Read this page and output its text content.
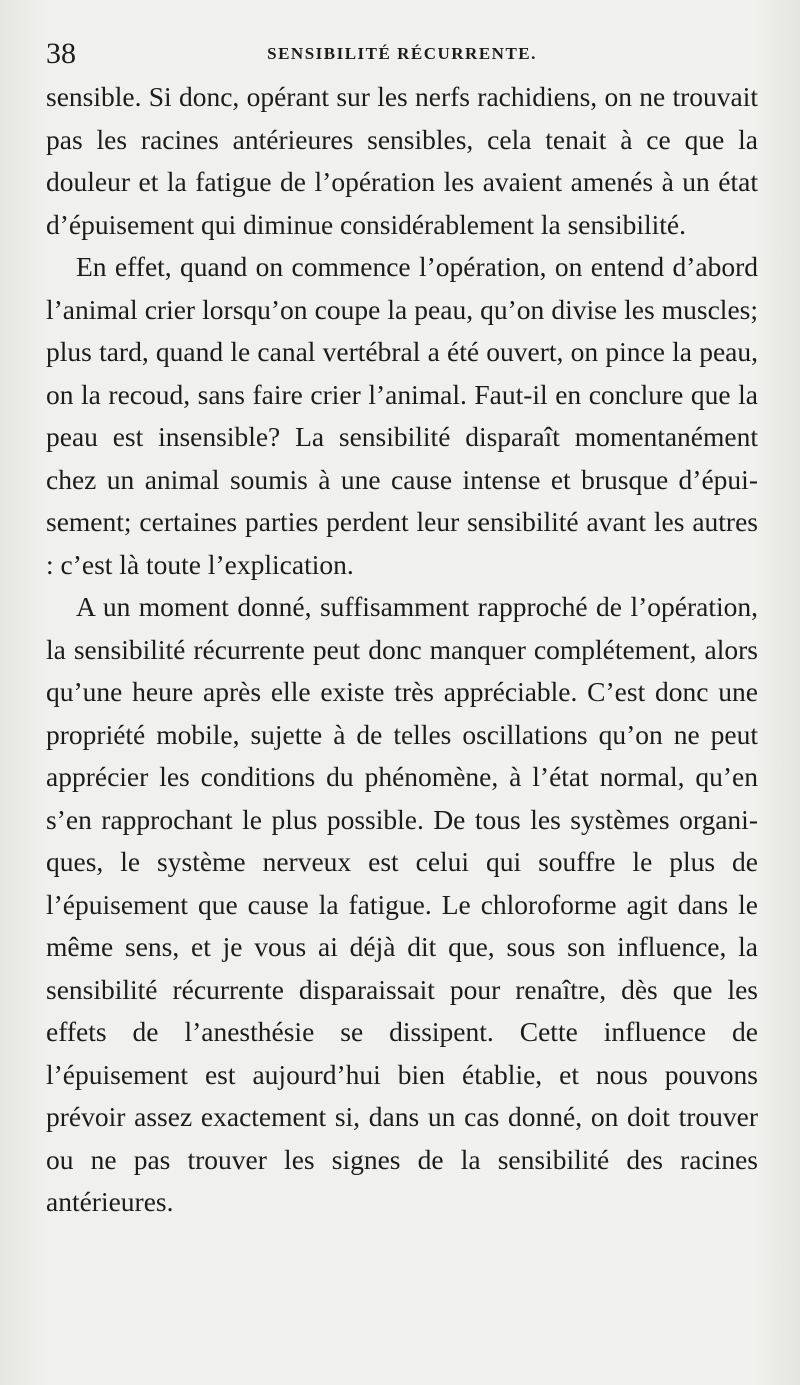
38	SENSIBILITÉ RÉCURRENTE.

sensible. Si donc, opérant sur les nerfs rachidiens, on ne trouvait pas les racines antérieures sensibles, cela tenait à ce que la douleur et la fatigue de l’opération les avaient amenés à un état d’épuisement qui diminue considérablement la sensibilité.

En effet, quand on commence l’opération, on entend d’abord l’animal crier lorsqu’on coupe la peau, qu’on divise les muscles; plus tard, quand le canal vertébral a été ouvert, on pince la peau, on la recoud, sans faire crier l’animal. Faut-il en conclure que la peau est insensible? La sensibilité disparaît momentanément chez un animal soumis à une cause intense et brusque d’épuisement; certaines parties perdent leur sensibilité avant les autres : c’est là toute l’explication.

A un moment donné, suffisamment rapproché de l’opération, la sensibilité récurrente peut donc manquer complétement, alors qu’une heure après elle existe très appréciable. C’est donc une propriété mobile, sujette à de telles oscillations qu’on ne peut apprécier les conditions du phénomène, à l’état normal, qu’en s’en rapprochant le plus possible. De tous les systèmes organiques, le système nerveux est celui qui souffre le plus de l’épuisement que cause la fatigue. Le chloroforme agit dans le même sens, et je vous ai déjà dit que, sous son influence, la sensibilité récurrente disparaissait pour renaître, dès que les effets de l’anesthésie se dissipent. Cette influence de l’épuisement est aujourd’hui bien établie, et nous pouvons prévoir assez exactement si, dans un cas donné, on doit trouver ou ne pas trouver les signes de la sensibilité des racines antérieures.
